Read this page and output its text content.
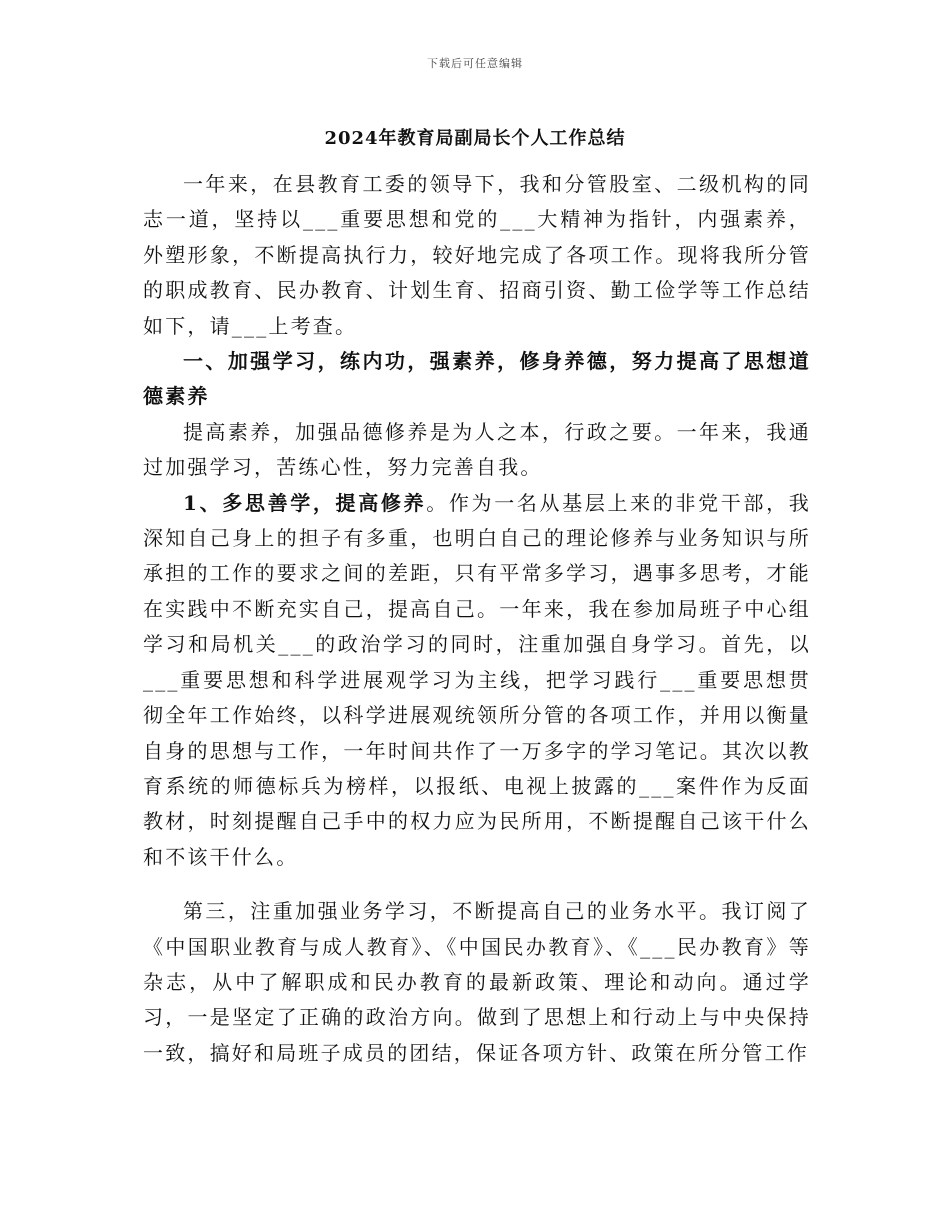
下载后可任意编辑
2024年教育局副局长个人工作总结

一年来，在县教育工委的领导下，我和分管股室、二级机构的同志一道，坚持以___重要思想和党的___大精神为指针，内强素养，外塑形象，不断提高执行力，较好地完成了各项工作。现将我所分管的职成教育、民办教育、计划生育、招商引资、勤工俭学等工作总结如下，请___上考查。

一、加强学习，练内功，强素养，修身养德，努力提高了思想道德素养

提高素养，加强品德修养是为人之本，行政之要。一年来，我通过加强学习，苦练心性，努力完善自我。

1、多思善学，提高修养。作为一名从基层上来的非党干部，我深知自己身上的担子有多重，也明白自己的理论修养与业务知识与所承担的工作的要求之间的差距，只有平常多学习，遇事多思考，才能在实践中不断充实自己，提高自己。一年来，我在参加局班子中心组学习和局机关___的政治学习的同时，注重加强自身学习。首先，以___重要思想和科学进展观学习为主线，把学习践行___重要思想贯彻全年工作始终，以科学进展观统领所分管的各项工作，并用以衡量自身的思想与工作，一年时间共作了一万多字的学习笔记。其次以教育系统的师德标兵为榜样，以报纸、电视上披露的___案件作为反面教材，时刻提醒自己手中的权力应为民所用，不断提醒自己该干什么和不该干什么。

第三，注重加强业务学习，不断提高自己的业务水平。我订阅了《中国职业教育与成人教育》、《中国民办教育》、《___民办教育》等杂志，从中了解职成和民办教育的最新政策、理论和动向。通过学习，一是坚定了正确的政治方向。做到了思想上和行动上与中央保持一致，搞好和局班子成员的团结，保证各项方针、政策在所分管工作
